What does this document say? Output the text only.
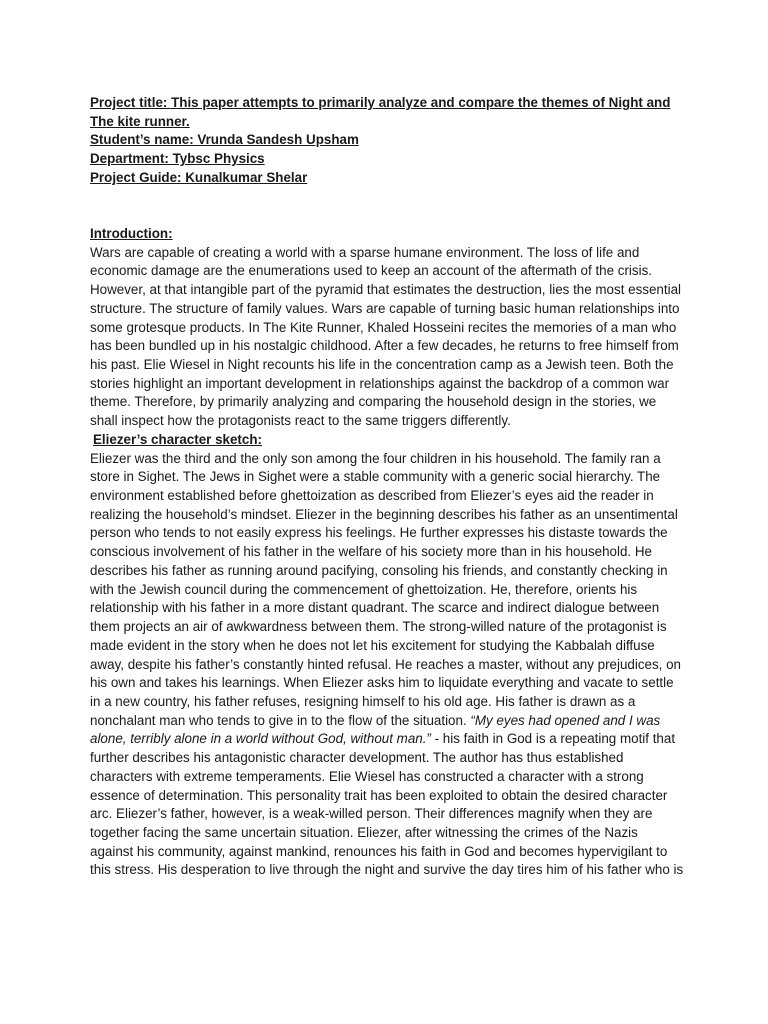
Project title: This paper attempts to primarily analyze and compare the themes of Night and The kite runner.
Student’s name: Vrunda Sandesh Upsham
Department: Tybsc Physics
Project Guide: Kunalkumar Shelar
Introduction:

Wars are capable of creating a world with a sparse humane environment. The loss of life and economic damage are the enumerations used to keep an account of the aftermath of the crisis. However, at that intangible part of the pyramid that estimates the destruction, lies the most essential structure. The structure of family values. Wars are capable of turning basic human relationships into some grotesque products. In The Kite Runner, Khaled Hosseini recites the memories of a man who has been bundled up in his nostalgic childhood. After a few decades, he returns to free himself from his past. Elie Wiesel in Night recounts his life in the concentration camp as a Jewish teen. Both the stories highlight an important development in relationships against the backdrop of a common war theme. Therefore, by primarily analyzing and comparing the household design in the stories, we shall inspect how the protagonists react to the same triggers differently.

Eliezer’s character sketch:

Eliezer was the third and the only son among the four children in his household. The family ran a store in Sighet. The Jews in Sighet were a stable community with a generic social hierarchy. The environment established before ghettoization as described from Eliezer’s eyes aid the reader in realizing the household’s mindset. Eliezer in the beginning describes his father as an unsentimental person who tends to not easily express his feelings. He further expresses his distaste towards the conscious involvement of his father in the welfare of his society more than in his household. He describes his father as running around pacifying, consoling his friends, and constantly checking in with the Jewish council during the commencement of ghettoization. He, therefore, orients his relationship with his father in a more distant quadrant. The scarce and indirect dialogue between them projects an air of awkwardness between them. The strong-willed nature of the protagonist is made evident in the story when he does not let his excitement for studying the Kabbalah diffuse away, despite his father’s constantly hinted refusal. He reaches a master, without any prejudices, on his own and takes his learnings. When Eliezer asks him to liquidate everything and vacate to settle in a new country, his father refuses, resigning himself to his old age. His father is drawn as a nonchalant man who tends to give in to the flow of the situation. “My eyes had opened and I was alone, terribly alone in a world without God, without man.” - his faith in God is a repeating motif that further describes his antagonistic character development. The author has thus established characters with extreme temperaments. Elie Wiesel has constructed a character with a strong essence of determination. This personality trait has been exploited to obtain the desired character arc. Eliezer’s father, however, is a weak-willed person. Their differences magnify when they are together facing the same uncertain situation. Eliezer, after witnessing the crimes of the Nazis against his community, against mankind, renounces his faith in God and becomes hypervigilant to this stress. His desperation to live through the night and survive the day tires him of his father who is
